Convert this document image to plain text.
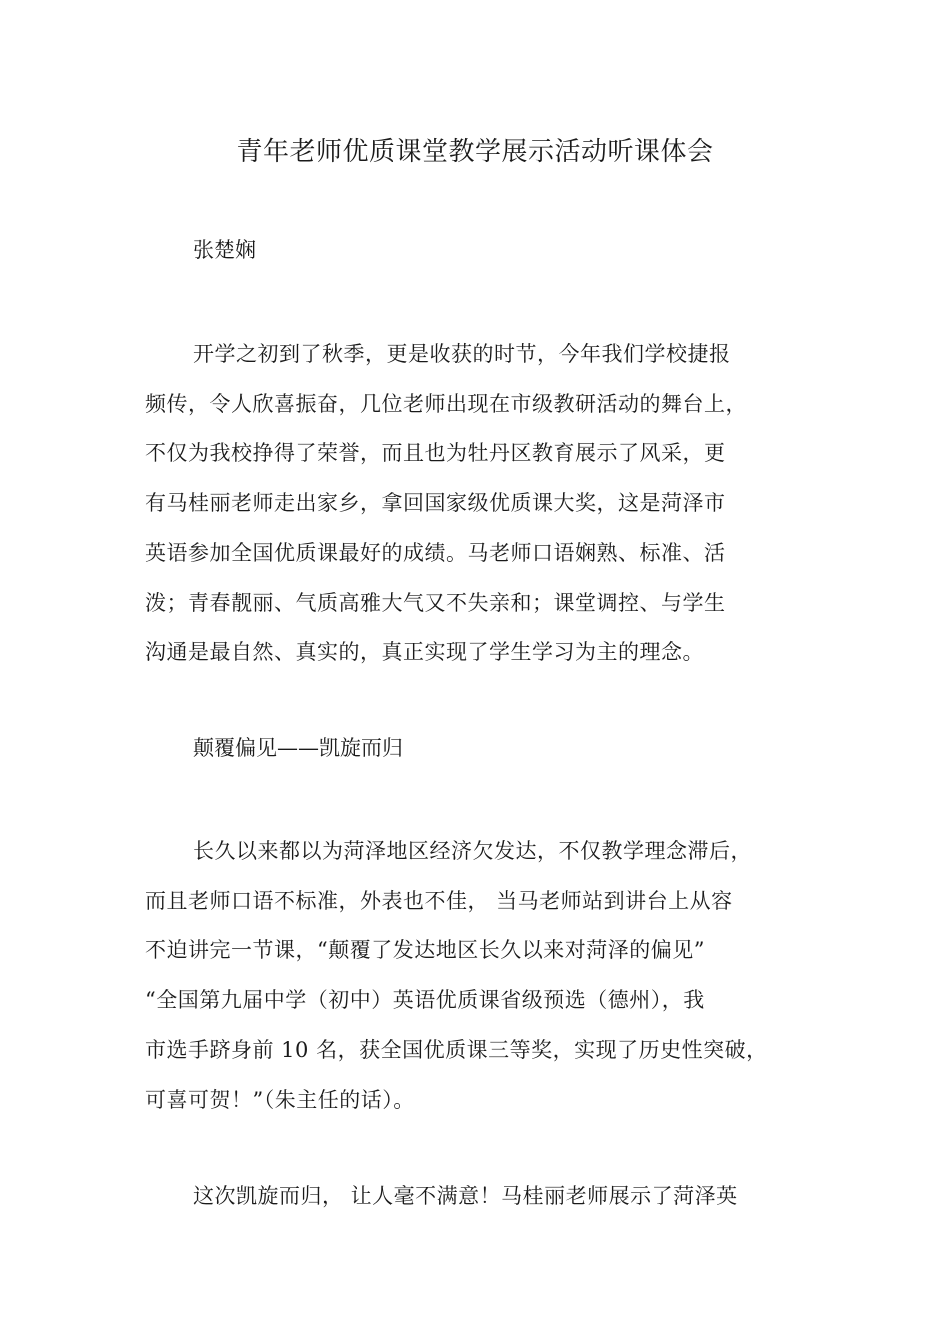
青年老师优质课堂教学展示活动听课体会
张楚娴
开学之初到了秋季，更是收获的时节，今年我们学校捷报
频传，令人欣喜振奋，几位老师出现在市级教研活动的舞台上，
不仅为我校挣得了荣誉，而且也为牡丹区教育展示了风采，更
有马桂丽老师走出家乡，拿回国家级优质课大奖，这是菏泽市
英语参加全国优质课最好的成绩。马老师口语娴熟、标准、活
泼；青春靓丽、气质高雅大气又不失亲和；课堂调控、与学生
沟通是最自然、真实的，真正实现了学生学习为主的理念。
颠覆偏见——凯旋而归
长久以来都以为菏泽地区经济欠发达，不仅教学理念滞后，
而且老师口语不标准，外表也不佳， 当马老师站到讲台上从容
不迫讲完一节课，“颠覆了发达地区长久以来对菏泽的偏见”
“全国第九届中学（初中）英语优质课省级预选（德州），我
市选手跻身前 10 名，获全国优质课三等奖，实现了历史性突破，
可喜可贺！”（朱主任的话）。
这次凯旋而归， 让人毫不满意！马桂丽老师展示了菏泽英
